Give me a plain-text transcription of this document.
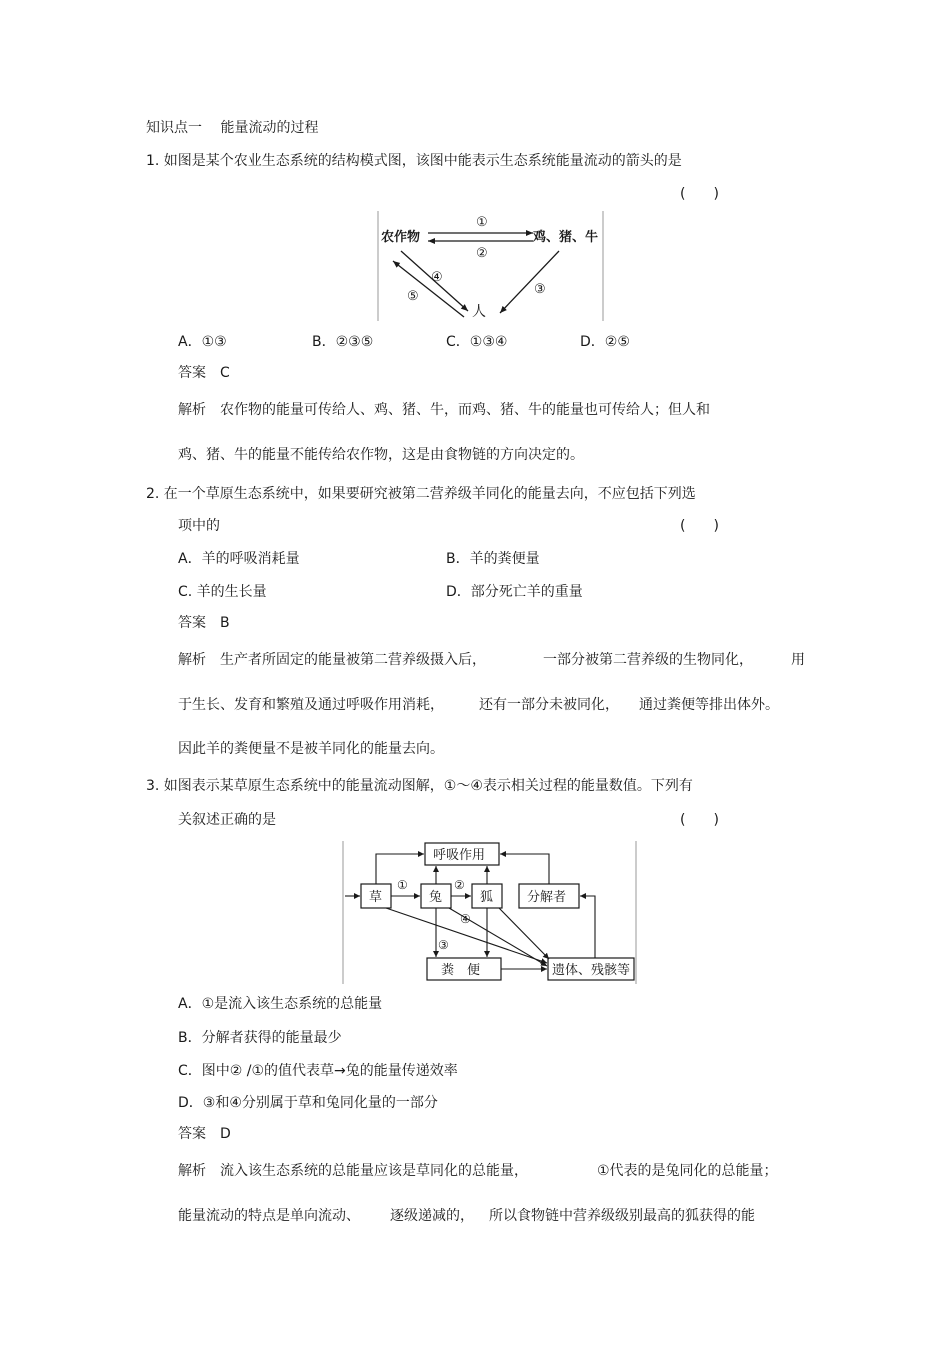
知识点一　 能量流动的过程
1. 如图是某个农业生态系统的结构模式图，该图中能表示生态系统能量流动的箭头的是
(　　)
农作物	鸡、猪、牛
人
①
②
③
④
⑤
A．①③	B．②③⑤	C．①③④	D．②⑤
答案　C
解析　农作物的能量可传给人、鸡、猪、牛，而鸡、猪、牛的能量也可传给人；但人和
鸡、猪、牛的能量不能传给农作物，这是由食物链的方向决定的。
2. 在一个草原生态系统中，如果要研究被第二营养级羊同化的能量去向，不应包括下列选
项中的	(　　)
A．羊的呼吸消耗量	B．羊的粪便量
C. 羊的生长量	D．部分死亡羊的重量
答案　B
解析　生产者所固定的能量被第二营养级摄入后，	一部分被第二营养级的生物同化，	用
于生长、发育和繁殖及通过呼吸作用消耗，	还有一部分未被同化， 通过粪便等排出体外。
因此羊的粪便量不是被羊同化的能量去向。
3. 如图表示某草原生态系统中的能量流动图解，①～④表示相关过程的能量数值。下列有
关叙述正确的是	(　　)
呼吸作用
草	兔	狐	分解者
粪　便	遗体、残骸等
①	②
③
④
A．①是流入该生态系统的总能量
B．分解者获得的能量最少
C．图中② /①的值代表草→兔的能量传递效率
D．③和④分别属于草和兔同化量的一部分
答案　D
解析　流入该生态系统的总能量应该是草同化的总能量，	①代表的是兔同化的总能量；
能量流动的特点是单向流动、 逐级递减的， 所以食物链中营养级级别最高的狐获得的能
